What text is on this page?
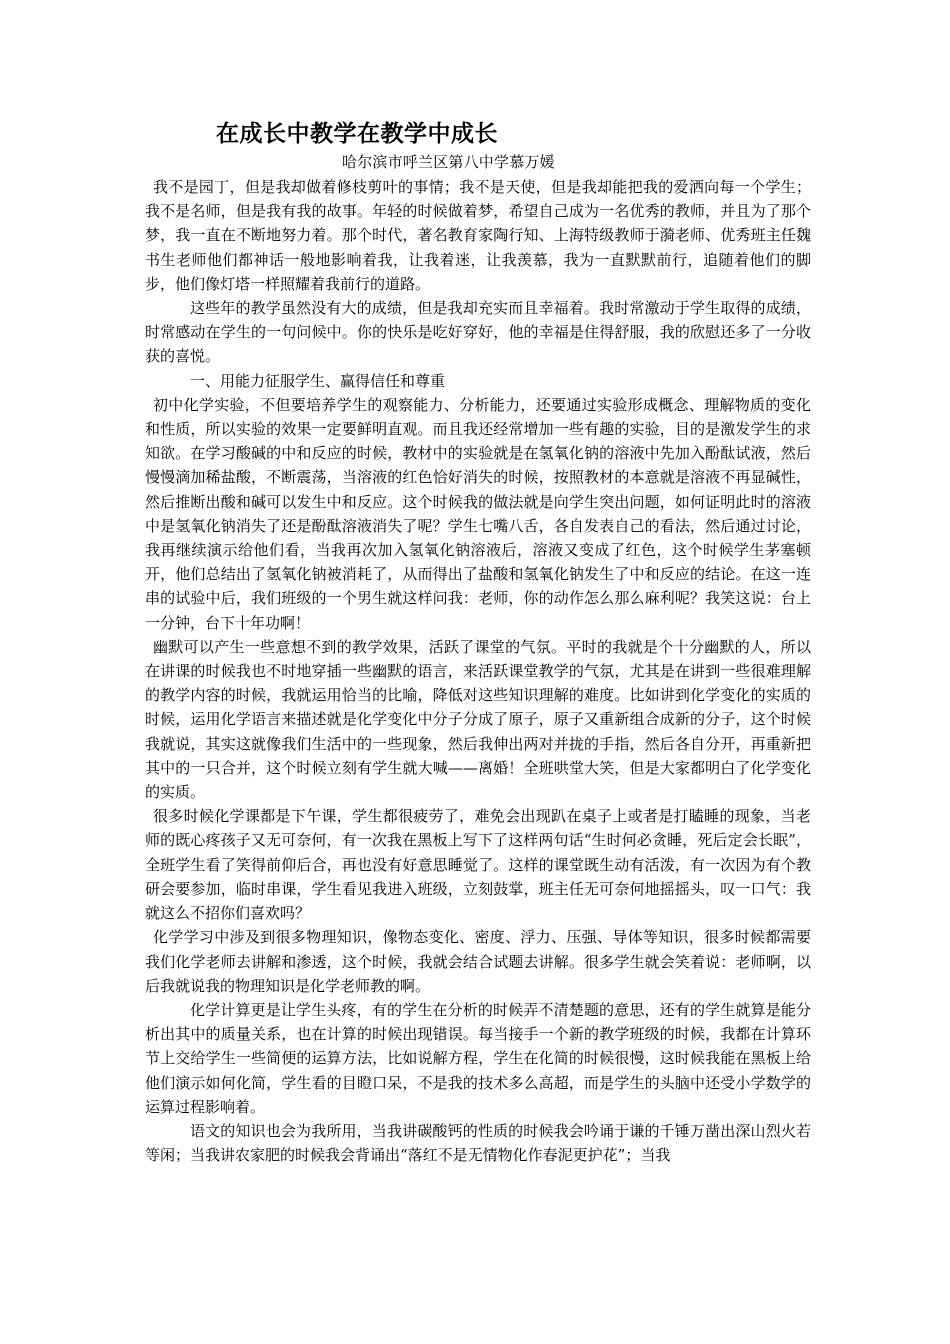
在成长中教学在教学中成长

哈尔滨市呼兰区第八中学慕万媛

我不是园丁，但是我却做着修枝剪叶的事情；我不是天使，但是我却能把我的爱洒向每一个学生；我不是名师，但是我有我的故事。年轻的时候做着梦，希望自己成为一名优秀的教师，并且为了那个梦，我一直在不断地努力着。那个时代，著名教育家陶行知、上海特级教师于漪老师、优秀班主任魏书生老师他们都神话一般地影响着我，让我着迷，让我羡慕，我为一直默默前行，追随着他们的脚步，他们像灯塔一样照耀着我前行的道路。

这些年的教学虽然没有大的成绩，但是我却充实而且幸福着。我时常激动于学生取得的成绩，时常感动在学生的一句问候中。你的快乐是吃好穿好，他的幸福是住得舒服，我的欣慰还多了一分收获的喜悦。

一、用能力征服学生、赢得信任和尊重

初中化学实验，不但要培养学生的观察能力、分析能力，还要通过实验形成概念、理解物质的变化和性质，所以实验的效果一定要鲜明直观。而且我还经常增加一些有趣的实验，目的是激发学生的求知欲。在学习酸碱的中和反应的时候，教材中的实验就是在氢氧化钠的溶液中先加入酚酞试液，然后慢慢滴加稀盐酸，不断震荡，当溶液的红色恰好消失的时候，按照教材的本意就是溶液不再显碱性，然后推断出酸和碱可以发生中和反应。这个时候我的做法就是向学生突出问题，如何证明此时的溶液中是氢氧化钠消失了还是酚酞溶液消失了呢？学生七嘴八舌，各自发表自己的看法，然后通过讨论，我再继续演示给他们看，当我再次加入氢氧化钠溶液后，溶液又变成了红色，这个时候学生茅塞顿开，他们总结出了氢氧化钠被消耗了，从而得出了盐酸和氢氧化钠发生了中和反应的结论。在这一连串的试验中后，我们班级的一个男生就这样问我：老师，你的动作怎么那么麻利呢？我笑这说：台上一分钟，台下十年功啊！

幽默可以产生一些意想不到的教学效果，活跃了课堂的气氛。平时的我就是个十分幽默的人，所以在讲课的时候我也不时地穿插一些幽默的语言，来活跃课堂教学的气氛，尤其是在讲到一些很难理解的教学内容的时候，我就运用恰当的比喻，降低对这些知识理解的难度。比如讲到化学变化的实质的时候，运用化学语言来描述就是化学变化中分子分成了原子，原子又重新组合成新的分子，这个时候我就说，其实这就像我们生活中的一些现象，然后我伸出两对并拢的手指，然后各自分开，再重新把其中的一只合并，这个时候立刻有学生就大喊——离婚！全班哄堂大笑，但是大家都明白了化学变化的实质。

很多时候化学课都是下午课，学生都很疲劳了，难免会出现趴在桌子上或者是打瞌睡的现象，当老师的既心疼孩子又无可奈何，有一次我在黑板上写下了这样两句话“生时何必贪睡，死后定会长眠”，全班学生看了笑得前仰后合，再也没有好意思睡觉了。这样的课堂既生动有活泼，有一次因为有个教研会要参加，临时串课，学生看见我进入班级，立刻鼓掌，班主任无可奈何地摇摇头，叹一口气：我就这么不招你们喜欢吗？

化学学习中涉及到很多物理知识，像物态变化、密度、浮力、压强、导体等知识，很多时候都需要我们化学老师去讲解和渗透，这个时候，我就会结合试题去讲解。很多学生就会笑着说：老师啊，以后我就说我的物理知识是化学老师教的啊。

化学计算更是让学生头疼，有的学生在分析的时候弄不清楚题的意思，还有的学生就算是能分析出其中的质量关系，也在计算的时候出现错误。每当接手一个新的教学班级的时候，我都在计算环节上交给学生一些简便的运算方法，比如说解方程，学生在化简的时候很慢，这时候我能在黑板上给他们演示如何化简，学生看的目瞪口呆，不是我的技术多么高超，而是学生的头脑中还受小学数学的运算过程影响着。

语文的知识也会为我所用，当我讲碳酸钙的性质的时候我会吟诵于谦的千锤万凿出深山烈火若等闲；当我讲农家肥的时候我会背诵出“落红不是无情物化作春泥更护花”；当我
